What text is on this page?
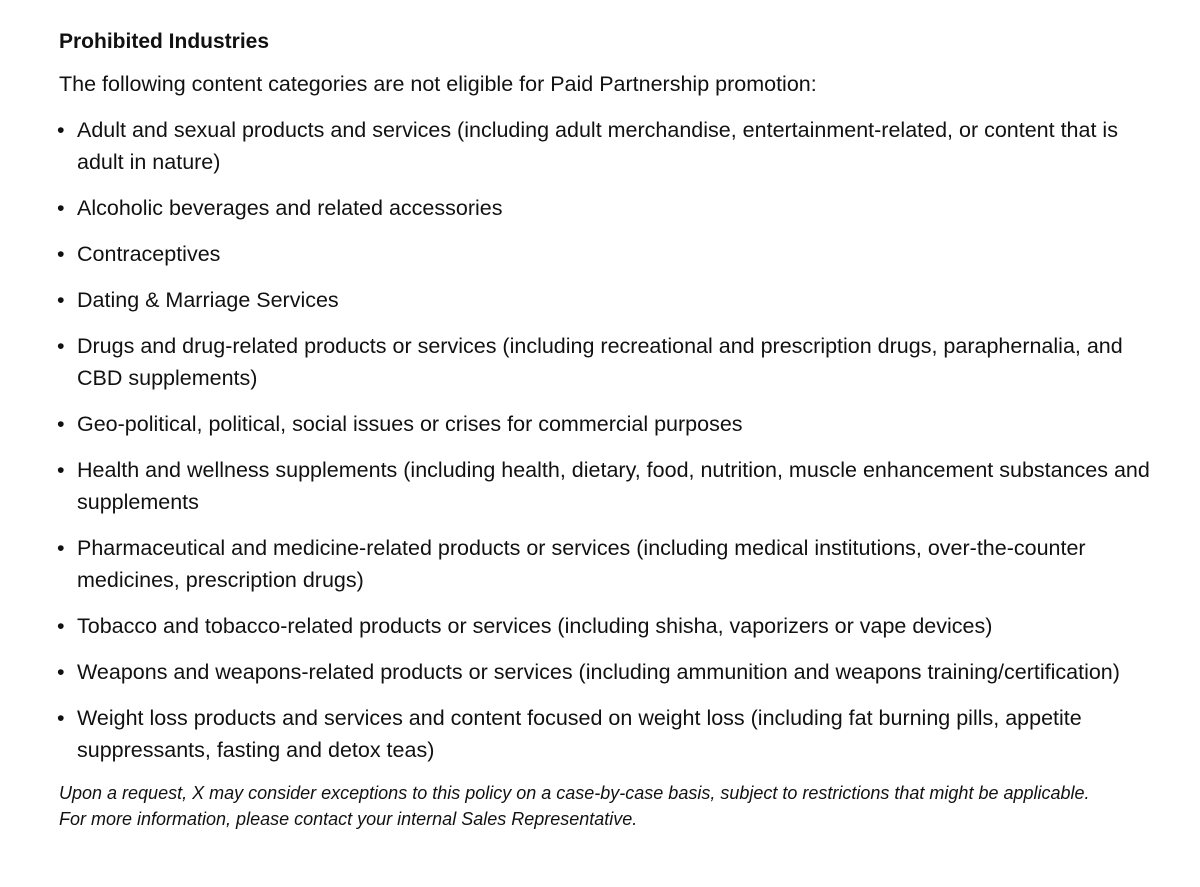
Prohibited Industries
The following content categories are not eligible for Paid Partnership promotion:
• Adult and sexual products and services (including adult merchandise, entertainment-related, or content that is adult in nature)
• Alcoholic beverages and related accessories
• Contraceptives
• Dating & Marriage Services
• Drugs and drug-related products or services (including recreational and prescription drugs, paraphernalia, and CBD supplements)
• Geo-political, political, social issues or crises for commercial purposes
• Health and wellness supplements (including health, dietary, food, nutrition, muscle enhancement substances and supplements
• Pharmaceutical and medicine-related products or services (including medical institutions, over-the-counter medicines, prescription drugs)
• Tobacco and tobacco-related products or services (including shisha, vaporizers or vape devices)
• Weapons and weapons-related products or services (including ammunition and weapons training/certification)
• Weight loss products and services and content focused on weight loss (including fat burning pills, appetite suppressants, fasting and detox teas)
Upon a request, X may consider exceptions to this policy on a case-by-case basis, subject to restrictions that might be applicable.
For more information, please contact your internal Sales Representative.
